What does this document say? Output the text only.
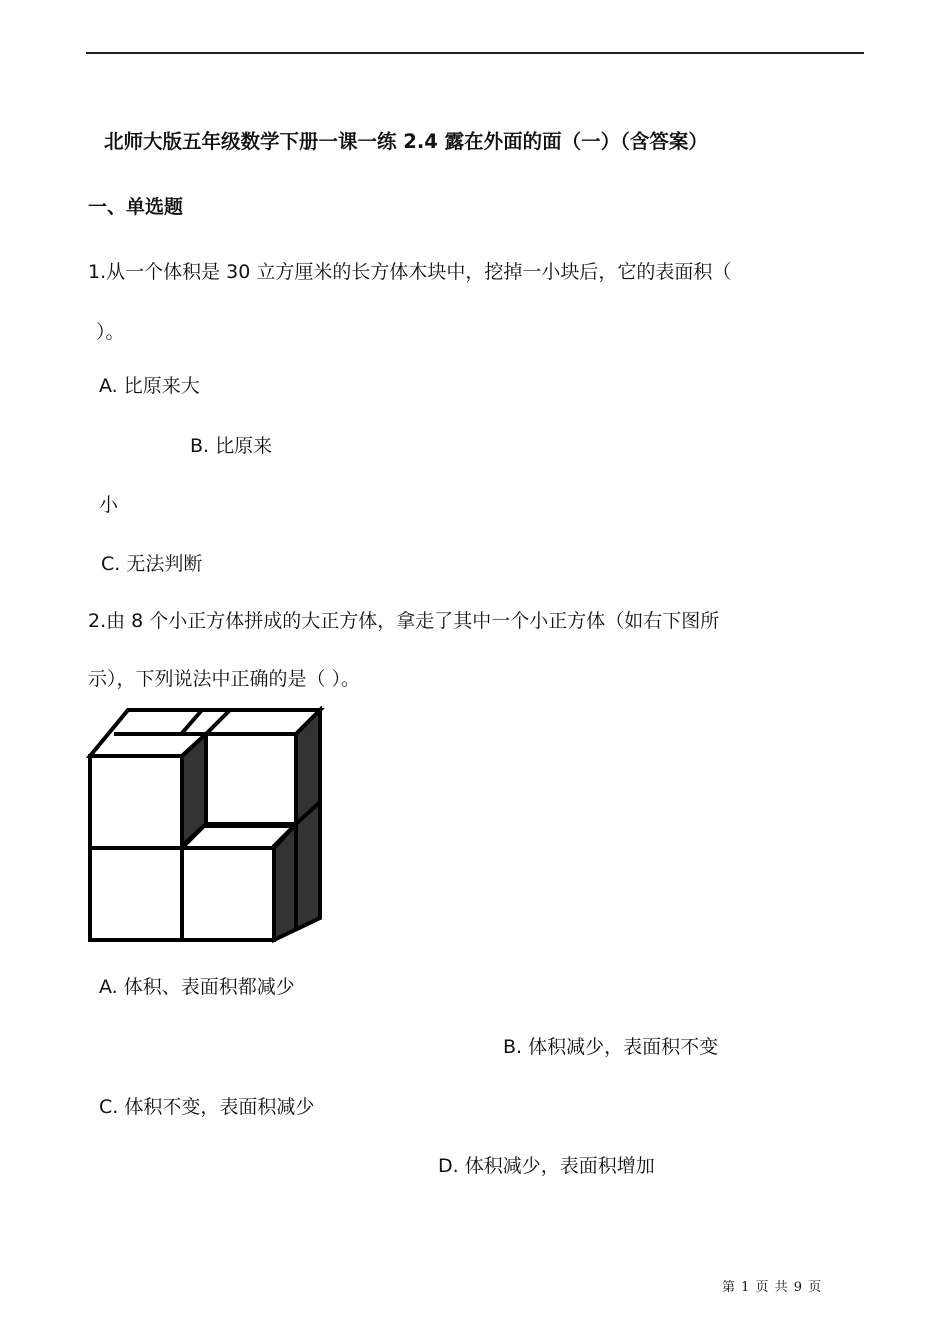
北师大版五年级数学下册一课一练 2.4 露在外面的面（一）（含答案）
一、单选题
1.从一个体积是 30 立方厘米的长方体木块中，挖掉一小块后，它的表面积（
）。
A. 比原来大
B. 比原来
小
C. 无法判断
2.由 8 个小正方体拼成的大正方体，拿走了其中一个小正方体（如右下图所
示），下列说法中正确的是（ ）。
A. 体积、表面积都减少
B. 体积减少，表面积不变
C. 体积不变，表面积减少
D. 体积减少，表面积增加
第 1 页 共 9 页
